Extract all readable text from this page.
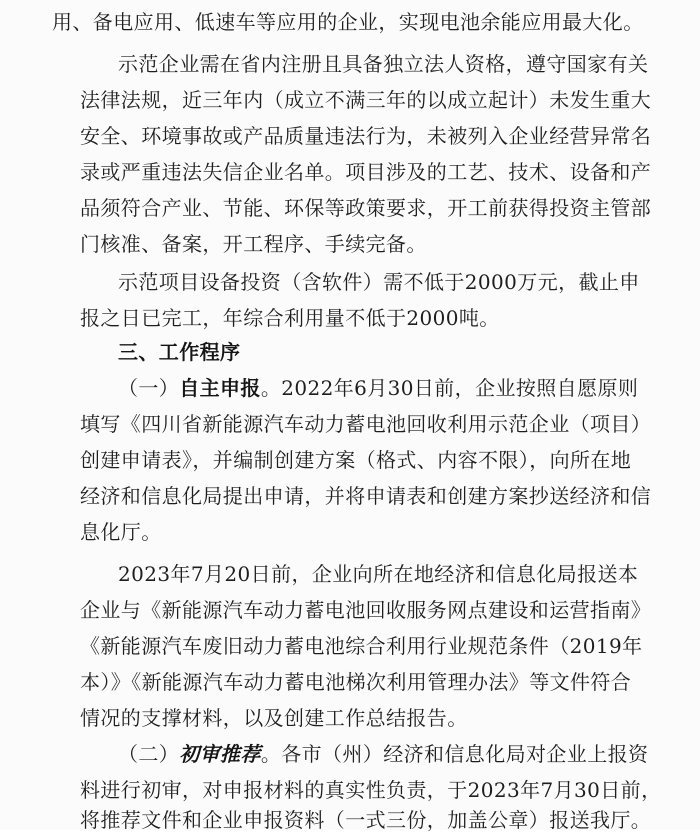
用、备电应用、低速车等应用的企业，实现电池余能应用最大化。
示范企业需在省内注册且具备独立法人资格，遵守国家有关
法律法规，近三年内（成立不满三年的以成立起计）未发生重大
安全、环境事故或产品质量违法行为，未被列入企业经营异常名
录或严重违法失信企业名单。项目涉及的工艺、技术、设备和产
品须符合产业、节能、环保等政策要求，开工前获得投资主管部
门核准、备案，开工程序、手续完备。
示范项目设备投资（含软件）需不低于2000万元，截止申
报之日已完工，年综合利用量不低于2000吨。
三、工作程序
（一）自主申报。2022年6月30日前，企业按照自愿原则
填写《四川省新能源汽车动力蓄电池回收利用示范企业（项目）
创建申请表》，并编制创建方案（格式、内容不限），向所在地
经济和信息化局提出申请，并将申请表和创建方案抄送经济和信
息化厅。
2023年7月20日前，企业向所在地经济和信息化局报送本
企业与《新能源汽车动力蓄电池回收服务网点建设和运营指南》
《新能源汽车废旧动力蓄电池综合利用行业规范条件（2019年
本）》《新能源汽车动力蓄电池梯次利用管理办法》等文件符合
情况的支撑材料，以及创建工作总结报告。
（二）初审推荐。各市（州）经济和信息化局对企业上报资
料进行初审，对申报材料的真实性负责，于2023年7月30日前，
将推荐文件和企业申报资料（一式三份，加盖公章）报送我厅。
